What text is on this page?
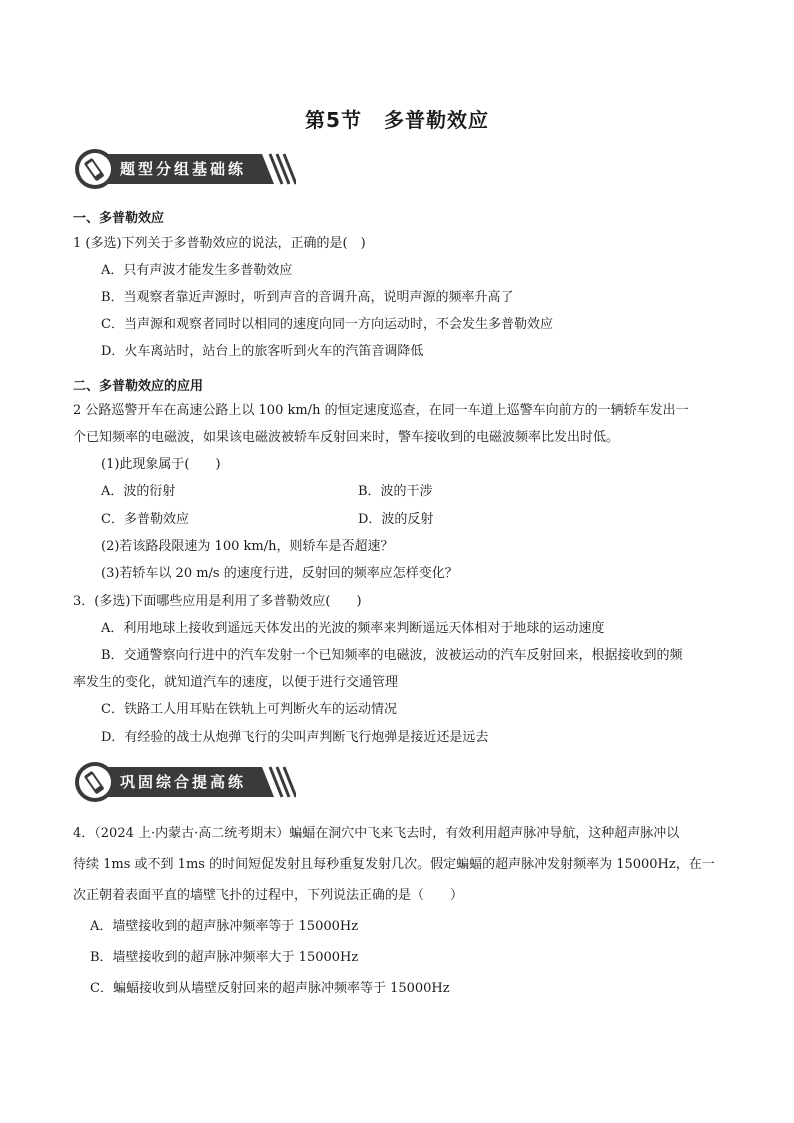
第5节 多普勒效应
题型分组基础练
一、多普勒效应
1 (多选)下列关于多普勒效应的说法，正确的是(　)
A．只有声波才能发生多普勒效应
B．当观察者靠近声源时，听到声音的音调升高，说明声源的频率升高了
C．当声源和观察者同时以相同的速度向同一方向运动时，不会发生多普勒效应
D．火车离站时，站台上的旅客听到火车的汽笛音调降低
二、多普勒效应的应用
2 公路巡警开车在高速公路上以 100 km/h 的恒定速度巡查，在同一车道上巡警车向前方的一辆轿车发出一
个已知频率的电磁波，如果该电磁波被轿车反射回来时，警车接收到的电磁波频率比发出时低。
(1)此现象属于(　　)
A．波的衍射	B．波的干涉
C．多普勒效应	D．波的反射
(2)若该路段限速为 100 km/h，则轿车是否超速？
(3)若轿车以 20 m/s 的速度行进，反射回的频率应怎样变化？
3．(多选)下面哪些应用是利用了多普勒效应(　　)
A．利用地球上接收到遥远天体发出的光波的频率来判断遥远天体相对于地球的运动速度
B．交通警察向行进中的汽车发射一个已知频率的电磁波，波被运动的汽车反射回来，根据接收到的频
率发生的变化，就知道汽车的速度，以便于进行交通管理
C．铁路工人用耳贴在铁轨上可判断火车的运动情况
D．有经验的战士从炮弹飞行的尖叫声判断飞行炮弹是接近还是远去
巩固综合提高练
4．（2024 上·内蒙古·高二统考期末）蝙蝠在洞穴中飞来飞去时，有效利用超声脉冲导航，这种超声脉冲以
待续 1ms 或不到 1ms 的时间短促发射且每秒重复发射几次。假定蝙蝠的超声脉冲发射频率为 15000Hz，在一
次正朝着表面平直的墙壁飞扑的过程中，下列说法正确的是（　　）
A．墙壁接收到的超声脉冲频率等于 15000Hz
B．墙壁接收到的超声脉冲频率大于 15000Hz
C．蝙蝠接收到从墙壁反射回来的超声脉冲频率等于 15000Hz
